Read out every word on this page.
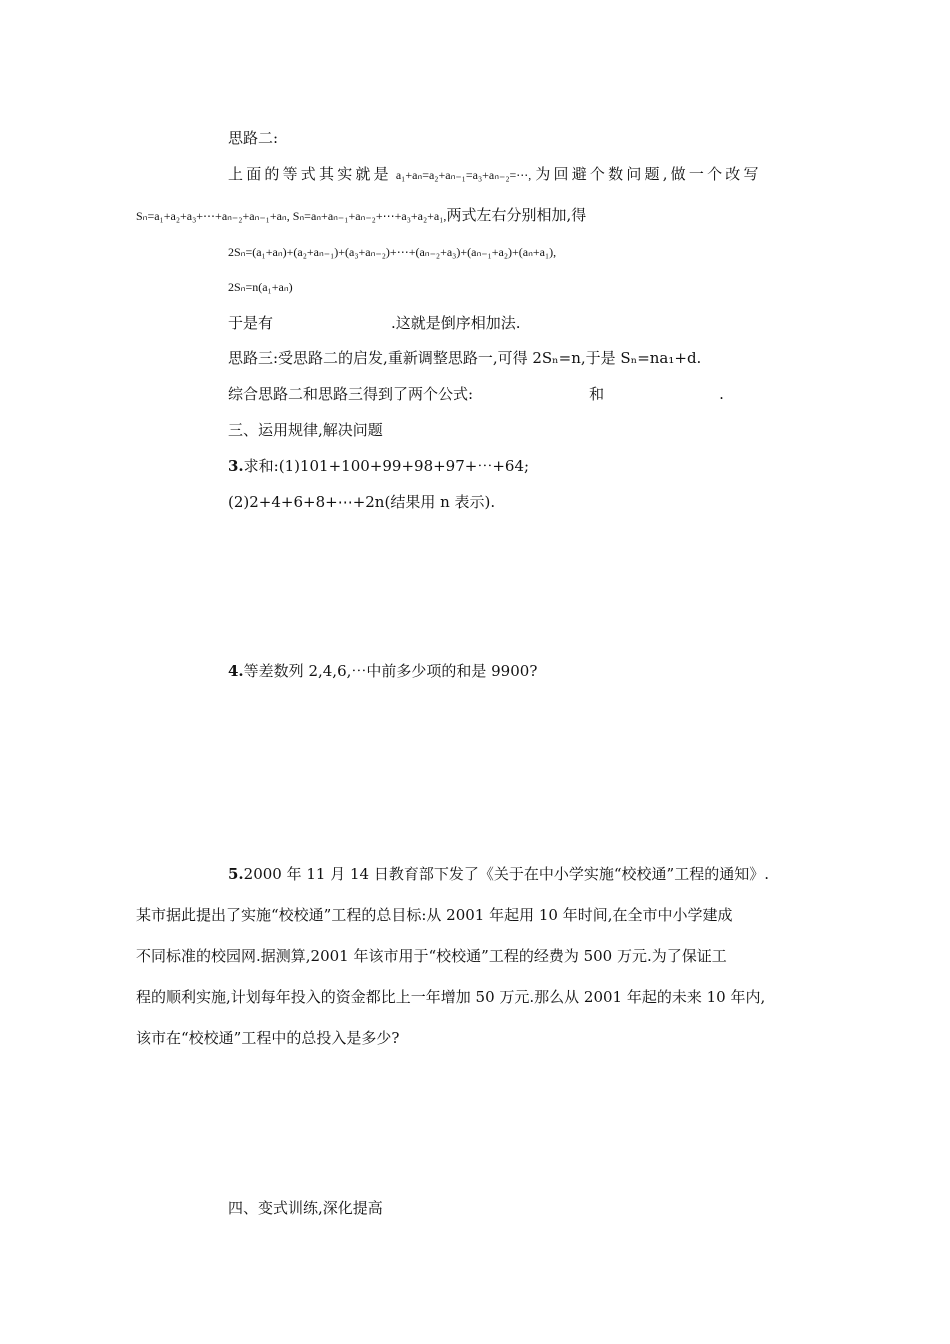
思路二:
上面的等式其实就是 a₁+aₙ=a₂+aₙ₋₁=a₃+aₙ₋₂=⋯, 为回避个数问题,做一个改写
Sₙ=a₁+a₂+a₃+⋯+aₙ₋₂+aₙ₋₁+aₙ, Sₙ=aₙ+aₙ₋₁+aₙ₋₂+⋯+a₃+a₂+a₁,两式左右分别相加,得
2Sₙ=(a₁+aₙ)+(a₂+aₙ₋₁)+(a₃+aₙ₋₂)+⋯+(aₙ₋₂+a₃)+(aₙ₋₁+a₂)+(aₙ+a₁),
2Sₙ=n(a₁+aₙ)
于是有	.这就是倒序相加法.
思路三:受思路二的启发,重新调整思路一,可得 2Sₙ=n,于是 Sₙ=na₁+d.
综合思路二和思路三得到了两个公式:	和	.
三、运用规律,解决问题
3.求和:(1)101+100+99+98+97+⋯+64;
(2)2+4+6+8+⋯+2n(结果用 n 表示).
4.等差数列 2,4,6,⋯中前多少项的和是 9900?
5.2000 年 11 月 14 日教育部下发了《关于在中小学实施“校校通”工程的通知》.
某市据此提出了实施“校校通”工程的总目标:从 2001 年起用 10 年时间,在全市中小学建成
不同标准的校园网.据测算,2001 年该市用于“校校通”工程的经费为 500 万元.为了保证工
程的顺利实施,计划每年投入的资金都比上一年增加 50 万元.那么从 2001 年起的未来 10 年内,
该市在“校校通”工程中的总投入是多少?
四、变式训练,深化提高
